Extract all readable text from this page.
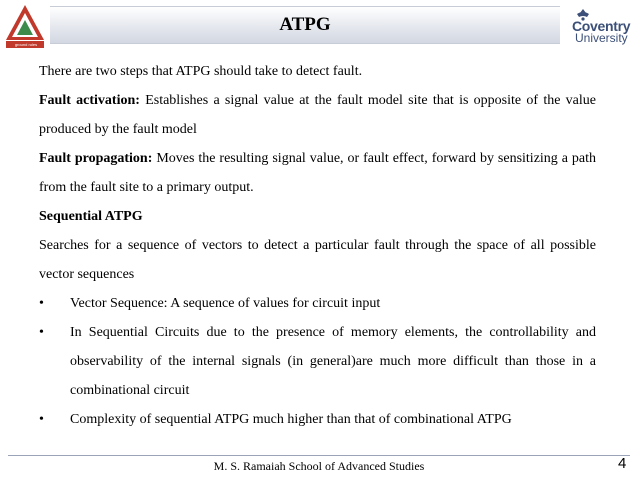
ground rules
ATPG	Coventry
University

There are two steps that ATPG should take to detect fault.

Fault activation: Establishes a signal value at the fault model site that is opposite of the value produced by the fault model

Fault propagation: Moves the resulting signal value, or fault effect, forward by sensitizing a path from the fault site to a primary output.

Sequential ATPG

Searches for a sequence of vectors to detect a particular fault through the space of all possible vector sequences

• Vector Sequence: A sequence of values for circuit input

• In Sequential Circuits due to the presence of memory elements, the controllability and observability of the internal signals (in general)are much more difficult than those in a combinational circuit

• Complexity of sequential ATPG much higher than that of combinational ATPG

M. S. Ramaiah School of Advanced Studies	4
